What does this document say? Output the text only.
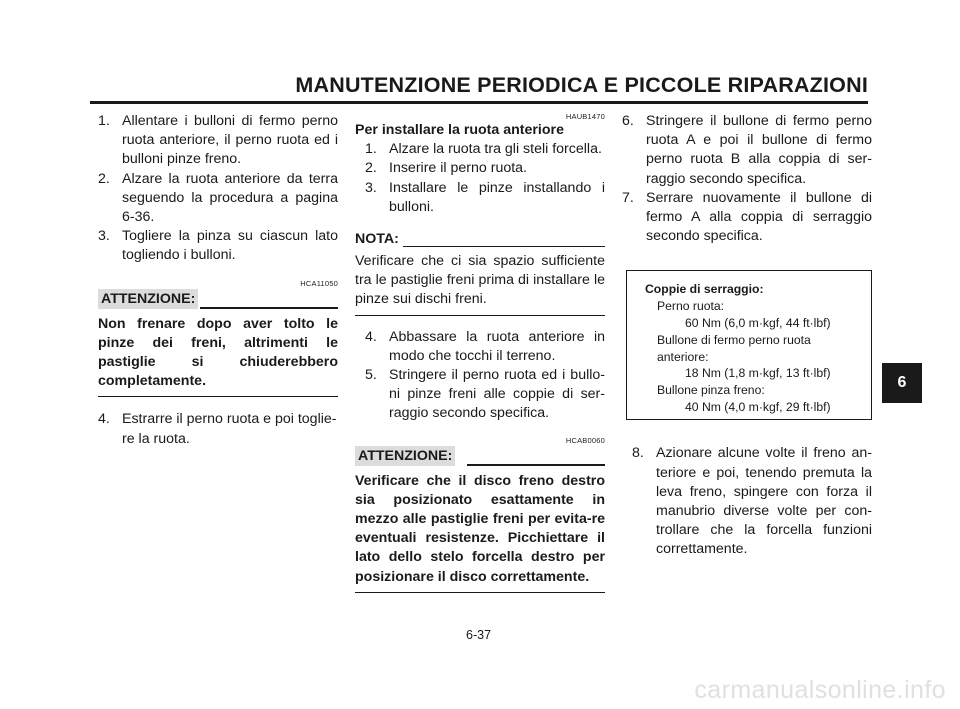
MANUTENZIONE PERIODICA E PICCOLE RIPARAZIONI
1. Allentare i bulloni di fermo perno ruota anteriore, il perno ruota ed i bulloni pinze freno.
2. Alzare la ruota anteriore da terra seguendo la procedura a pagina 6-36.
3. Togliere la pinza su ciascun lato togliendo i bulloni.
HCA11050
ATTENZIONE:
Non frenare dopo aver tolto le pinze dei freni, altrimenti le pastiglie si chiuderebbero completamente.
4. Estrarre il perno ruota e poi toglie-re la ruota.
HAUB1470
Per installare la ruota anteriore
1. Alzare la ruota tra gli steli forcella.
2. Inserire il perno ruota.
3. Installare le pinze installando i bulloni.
NOTA:
Verificare che ci sia spazio sufficiente tra le pastiglie freni prima di installare le pinze sui dischi freni.
4. Abbassare la ruota anteriore in modo che tocchi il terreno.
5. Stringere il perno ruota ed i bullo-ni pinze freni alle coppie di ser-raggio secondo specifica.
HCAB0060
ATTENZIONE:
Verificare che il disco freno destro sia posizionato esattamente in mezzo alle pastiglie freni per evita-re eventuali resistenze. Picchiettare il lato dello stelo forcella destro per posizionare il disco correttamente.
6. Stringere il bullone di fermo perno ruota A e poi il bullone di fermo perno ruota B alla coppia di ser-raggio secondo specifica.
7. Serrare nuovamente il bullone di fermo A alla coppia di serraggio secondo specifica.
Coppie di serraggio:
Perno ruota:
60 Nm (6,0 m·kgf, 44 ft·lbf)
Bullone di fermo perno ruota
anteriore:
18 Nm (1,8 m·kgf, 13 ft·lbf)
Bullone pinza freno:
40 Nm (4,0 m·kgf, 29 ft·lbf)
8. Azionare alcune volte il freno an-teriore e poi, tenendo premuta la leva freno, spingere con forza il manubrio diverse volte per con-trollare che la forcella funzioni correttamente.
6
6-37
carmanualsonline.info
